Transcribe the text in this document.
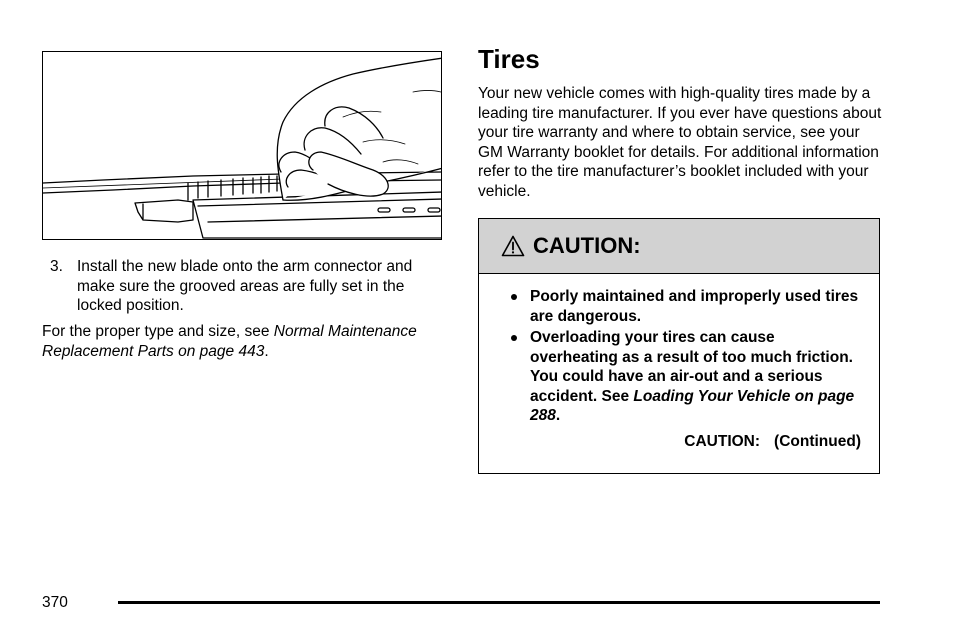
3. Install the new blade onto the arm connector and make sure the grooved areas are fully set in the locked position.
For the proper type and size, see Normal Maintenance Replacement Parts on page 443.
Tires
Your new vehicle comes with high-quality tires made by a leading tire manufacturer. If you ever have questions about your tire warranty and where to obtain service, see your GM Warranty booklet for details. For additional information refer to the tire manufacturer’s booklet included with your vehicle.
CAUTION:
Poorly maintained and improperly used tires are dangerous.
Overloading your tires can cause overheating as a result of too much friction. You could have an air-out and a serious accident. See Loading Your Vehicle on page 288.
CAUTION: (Continued)
370
